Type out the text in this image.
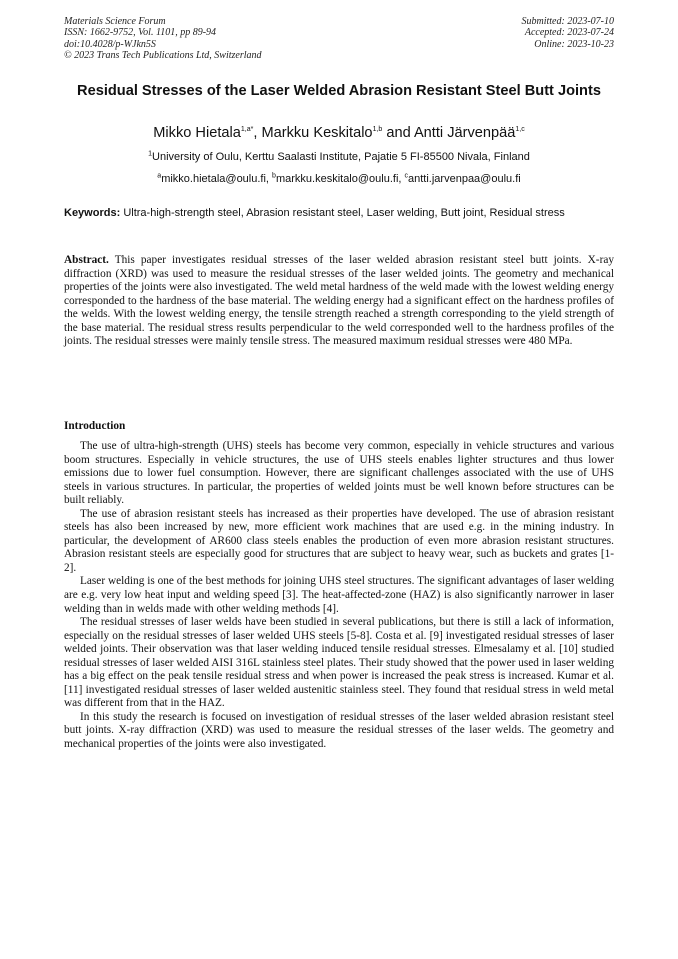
Materials Science Forum
ISSN: 1662-9752, Vol. 1101, pp 89-94
doi:10.4028/p-WJkn5S
© 2023 Trans Tech Publications Ltd, Switzerland
Submitted: 2023-07-10
Accepted: 2023-07-24
Online: 2023-10-23
Residual Stresses of the Laser Welded Abrasion Resistant Steel Butt Joints
Mikko Hietala$^{1,a*}$, Markku Keskitalo$^{1,b}$ and Antti Järvenpää$^{1,c}$
$^1$University of Oulu, Kerttu Saalasti Institute, Pajatie 5 FI-85500 Nivala, Finland
$^a$mikko.hietala@oulu.fi, $^b$markku.keskitalo@oulu.fi, $^c$antti.jarvenpaa@oulu.fi
Keywords: Ultra-high-strength steel, Abrasion resistant steel, Laser welding, Butt joint, Residual stress
Abstract. This paper investigates residual stresses of the laser welded abrasion resistant steel butt joints. X-ray diffraction (XRD) was used to measure the residual stresses of the laser welded joints. The geometry and mechanical properties of the joints were also investigated. The weld metal hardness of the weld made with the lowest welding energy corresponded to the hardness of the base material. The welding energy had a significant effect on the hardness profiles of the welds. With the lowest welding energy, the tensile strength reached a strength corresponding to the yield strength of the base material. The residual stress results perpendicular to the weld corresponded well to the hardness profiles of the joints. The residual stresses were mainly tensile stress. The measured maximum residual stresses were 480 MPa.
Introduction

The use of ultra-high-strength (UHS) steels has become very common, especially in vehicle structures and various boom structures. Especially in vehicle structures, the use of UHS steels enables lighter structures and thus lower emissions due to lower fuel consumption. However, there are significant challenges associated with the use of UHS steels in various structures. In particular, the properties of welded joints must be well known before structures can be built reliably.

The use of abrasion resistant steels has increased as their properties have developed. The use of abrasion resistant steels has also been increased by new, more efficient work machines that are used e.g. in the mining industry. In particular, the development of AR600 class steels enables the production of even more abrasion resistant structures. Abrasion resistant steels are especially good for structures that are subject to heavy wear, such as buckets and grates [1-2].

Laser welding is one of the best methods for joining UHS steel structures. The significant advantages of laser welding are e.g. very low heat input and welding speed [3]. The heat-affected-zone (HAZ) is also significantly narrower in laser welding than in welds made with other welding methods [4].

The residual stresses of laser welds have been studied in several publications, but there is still a lack of information, especially on the residual stresses of laser welded UHS steels [5-8]. Costa et al. [9] investigated residual stresses of laser welded joints. Their observation was that laser welding induced tensile residual stresses. Elmesalamy et al. [10] studied residual stresses of laser welded AISI 316L stainless steel plates. Their study showed that the power used in laser welding has a big effect on the peak tensile residual stress and when power is increased the peak stress is increased. Kumar et al. [11] investigated residual stresses of laser welded austenitic stainless steel. They found that residual stress in weld metal was different from that in the HAZ.

In this study the research is focused on investigation of residual stresses of the laser welded abrasion resistant steel butt joints. X-ray diffraction (XRD) was used to measure the residual stresses of the laser welds. The geometry and mechanical properties of the joints were also investigated.
